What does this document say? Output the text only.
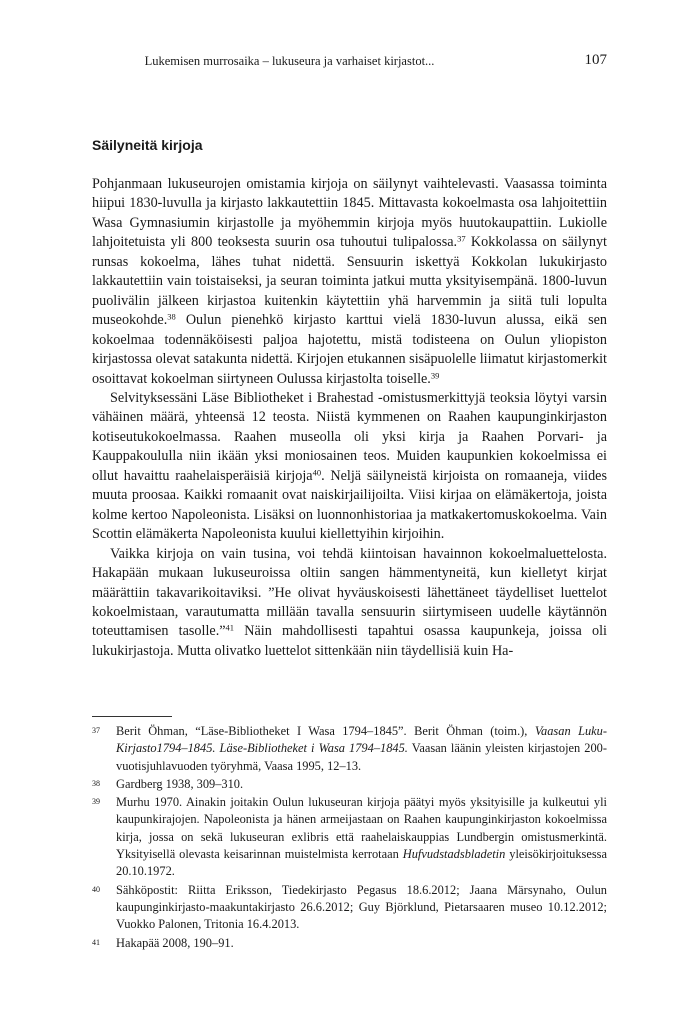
Lukemisen murrosaika – lukuseura ja varhaiset kirjastot...	107
Säilyneitä kirjoja

Pohjanmaan lukuseurojen omistamia kirjoja on säilynyt vaihtelevasti. Vaasassa toiminta hiipui 1830-luvulla ja kirjasto lakkautettiin 1845. Mittavasta kokoelmasta osa lahjoitettiin Wasa Gymnasiumin kirjastolle ja myöhemmin kirjoja myös huutokaupattiin. Lukiolle lahjoitetuista yli 800 teoksesta suurin osa tuhoutui tulipalossa.$^{37}$ Kokkolassa on säilynyt runsas kokoelma, lähes tuhat nidettä. Sensuurin iskettyä Kokkolan lukukirjasto lakkautettiin vain toistaiseksi, ja seuran toiminta jatkui mutta yksityisempänä. 1800-luvun puolivälin jälkeen kirjastoa kuitenkin käytettiin yhä harvemmin ja siitä tuli lopulta museokohde.$^{38}$ Oulun pienehkö kirjasto karttui vielä 1830-luvun alussa, eikä sen kokoelmaa todennäköisesti paljoa hajotettu, mistä todisteena on Oulun yliopiston kirjastossa olevat satakunta nidettä. Kirjojen etukannen sisäpuolelle liimatut kirjastomerkit osoittavat kokoelman siirtyneen Oulussa kirjastolta toiselle.$^{39}$

Selvityksessäni Läse Bibliotheket i Brahestad -omistusmerkittyjä teoksia löytyi varsin vähäinen määrä, yhteensä 12 teosta. Niistä kymmenen on Raahen kaupunginkirjaston kotiseutukokoelmassa. Raahen museolla oli yksi kirja ja Raahen Porvari- ja Kauppakoululla niin ikään yksi moniosainen teos. Muiden kaupunkien kokoelmissa ei ollut havaittu raahelaisperäisiä kirjoja$^{40}$. Neljä säilyneistä kirjoista on romaaneja, viides muuta proosaa. Kaikki romaanit ovat naiskirjailijoilta. Viisi kirjaa on elämäkertoja, joista kolme kertoo Napoleonista. Lisäksi on luonnonhistoriaa ja matkakertomuskokoelma. Vain Scottin elämäkerta Napoleonista kuului kiellettyihin kirjoihin.

Vaikka kirjoja on vain tusina, voi tehdä kiintoisan havainnon kokoelmaluettelosta. Hakapään mukaan lukuseuroissa oltiin sangen hämmentyneitä, kun kielletyt kirjat määrättiin takavarikoitaviksi. ”He olivat hyväuskoisesti lähettäneet täydelliset luettelot kokoelmistaan, varautumatta millään tavalla sensuurin siirtymiseen uudelle käytännön toteuttamisen tasolle.”$^{41}$ Näin mahdollisesti tapahtui osassa kaupunkeja, joissa oli lukukirjastoja. Mutta olivatko luettelot sittenkään niin täydellisiä kuin Ha-

37	Berit Öhman, “Läse-Bibliotheket I Wasa 1794–1845”. Berit Öhman (toim.), Vaasan Luku-Kirjasto1794–1845. Läse-Bibliotheket i Wasa 1794–1845. Vaasan läänin yleisten kirjastojen 200-vuotisjuhlavuoden työryhmä, Vaasa 1995, 12–13.
38	Gardberg 1938, 309–310.
39	Murhu 1970. Ainakin joitakin Oulun lukuseuran kirjoja päätyi myös yksityisille ja kulkeutui yli kaupunkirajojen. Napoleonista ja hänen armeijastaan on Raahen kaupunginkirjaston kokoelmissa kirja, jossa on sekä lukuseuran exlibris että raahelaiskauppias Lundbergin omistusmerkintä. Yksityisellä olevasta keisarinnan muistelmista kerrotaan Hufvudstadsbladetin yleisökirjoituksessa 20.10.1972.
40	Sähköpostit: Riitta Eriksson, Tiedekirjasto Pegasus 18.6.2012; Jaana Märsynaho, Oulun kaupunginkirjasto-maakuntakirjasto 26.6.2012; Guy Björklund, Pietarsaaren museo 10.12.2012; Vuokko Palonen, Tritonia 16.4.2013.
41	Hakapää 2008, 190–91.
